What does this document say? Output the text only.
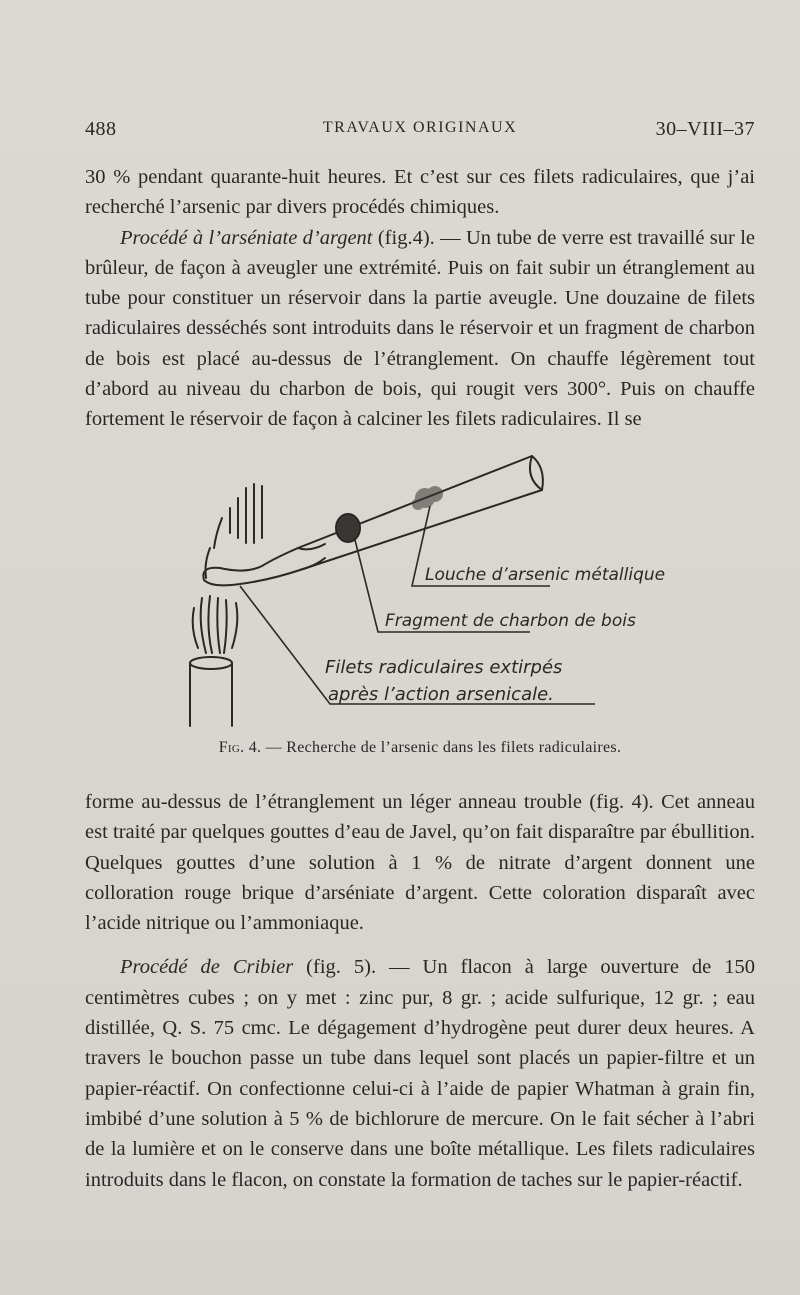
488	TRAVAUX ORIGINAUX	30–VIII–37

30 % pendant quarante-huit heures. Et c’est sur ces filets radiculaires, que j’ai recherché l’arsenic par divers procédés chimiques.

Procédé à l’arséniate d’argent (fig.4). — Un tube de verre est travaillé sur le brûleur, de façon à aveugler une extrémité. Puis on fait subir un étranglement au tube pour constituer un réservoir dans la partie aveugle. Une douzaine de filets radiculaires desséchés sont introduits dans le réservoir et un fragment de charbon de bois est placé au-dessus de l’étranglement. On chauffe légèrement tout d’abord au niveau du charbon de bois, qui rougit vers 300°. Puis on chauffe fortement le réservoir de façon à calciner les filets radiculaires. Il se

Louche d’arsenic métallique
Fragment de charbon de bois
Filets radiculaires extirpés
après l’action arsenicale.
Fig. 4. — Recherche de l’arsenic dans les filets radiculaires.

forme au-dessus de l’étranglement un léger anneau trouble (fig. 4). Cet anneau est traité par quelques gouttes d’eau de Javel, qu’on fait disparaître par ébullition. Quelques gouttes d’une solution à 1 % de nitrate d’argent donnent une colloration rouge brique d’arséniate d’argent. Cette coloration disparaît avec l’acide nitrique ou l’ammoniaque.

Procédé de Cribier (fig. 5). — Un flacon à large ouverture de 150 centimètres cubes ; on y met : zinc pur, 8 gr. ; acide sulfurique, 12 gr. ; eau distillée, Q. S. 75 cmc. Le dégagement d’hydrogène peut durer deux heures. A travers le bouchon passe un tube dans lequel sont placés un papier-filtre et un papier-réactif. On confectionne celui-ci à l’aide de papier Whatman à grain fin, imbibé d’une solution à 5 % de bichlorure de mercure. On le fait sécher à l’abri de la lumière et on le conserve dans une boîte métallique. Les filets radiculaires introduits dans le flacon, on constate la formation de taches sur le papier-réactif.
